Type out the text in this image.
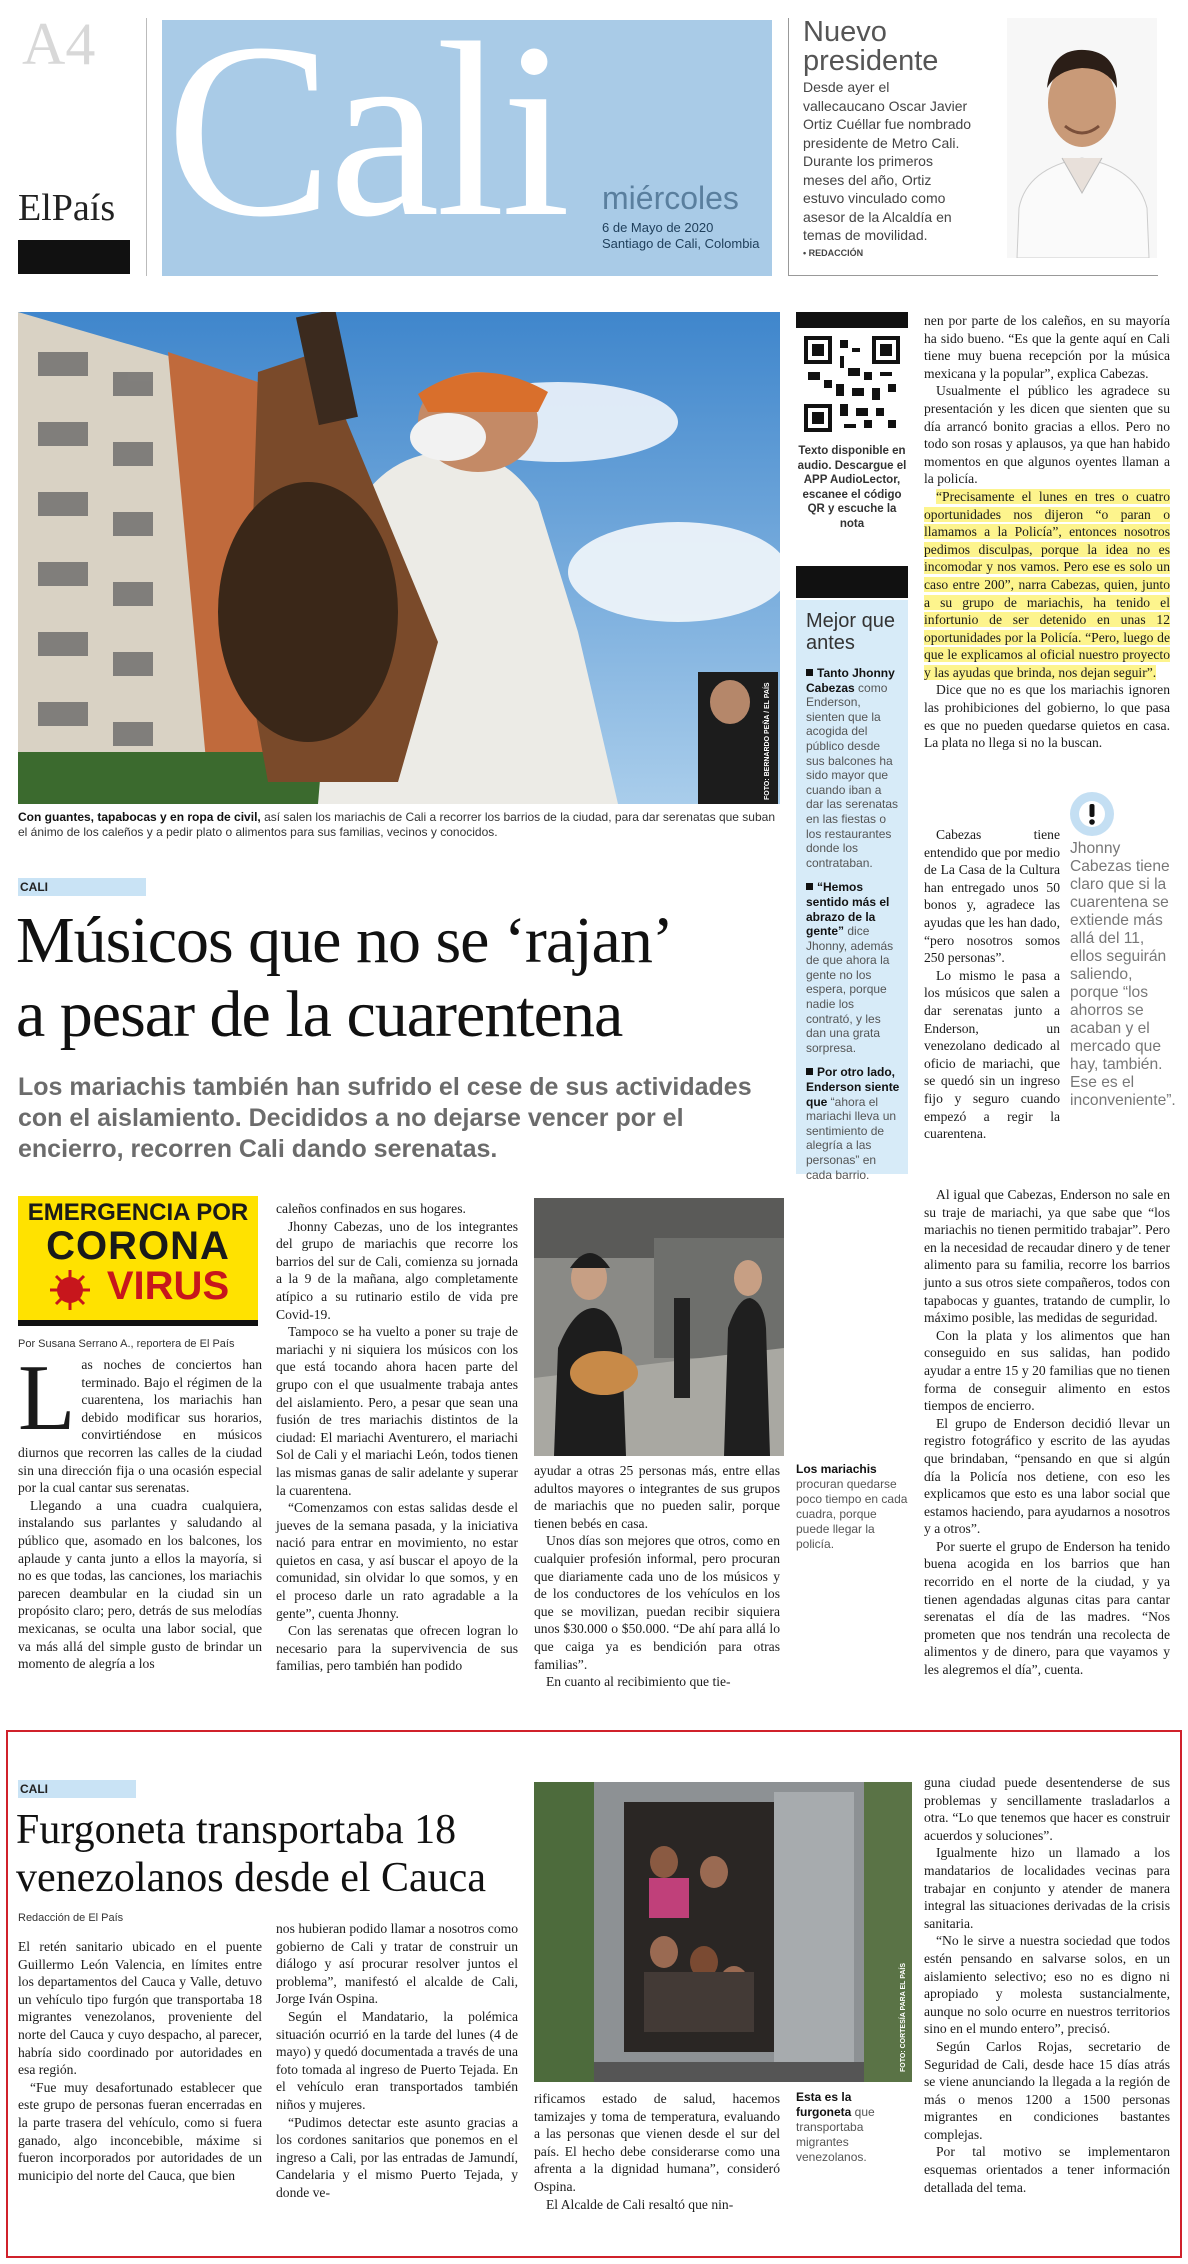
A4
ElPaís Cali miércoles
6 de Mayo de 2020
Santiago de Cali, Colombia
Nuevo
presidente
Desde ayer el vallecaucano Oscar Javier Ortiz Cuéllar fue nombrado presidente de Metro Cali. Durante los primeros meses del año, Ortiz estuvo vinculado como asesor de la Alcaldía en temas de movilidad.
• REDACCIÓN
FOTO: BERNARDO PEÑA / EL PAÍS
Con guantes, tapabocas y en ropa de civil, así salen los mariachis de Cali a recorrer los barrios de la ciudad, para dar serenatas que suban el ánimo de los caleños y a pedir plato o alimentos para sus familias, vecinos y conocidos.
CALI
Músicos que no se ‘rajan’
a pesar de la cuarentena
Los mariachis también han sufrido el cese de sus actividades con el aislamiento. Decididos a no dejarse vencer por el encierro, recorren Cali dando serenatas.
EMERGENCIA POR
CORONA
VIRUS
Por Susana Serrano A., reportera de El País
L as noches de conciertos han terminado. Bajo el régimen de la cuarentena, los mariachis han debido modificar sus horarios, convirtiéndose en músicos diurnos que recorren las calles de la ciudad sin una dirección fija o una ocasión especial por la cual cantar sus serenatas.

Llegando a una cuadra cualquiera, instalando sus parlantes y saludando al público que, asomado en los balcones, los aplaude y canta junto a ellos la mayoría, si no es que todas, las canciones, los mariachis parecen deambular en la ciudad sin un propósito claro; pero, detrás de sus melodías mexicanas, se oculta una labor social, que va más allá del simple gusto de brindar un momento de alegría a los

caleños confinados en sus hogares.

Jhonny Cabezas, uno de los integrantes del grupo de mariachis que recorre los barrios del sur de Cali, comienza su jornada a la 9 de la mañana, algo completamente atípico a su rutinario estilo de vida pre Covid-19.

Tampoco se ha vuelto a poner su traje de mariachi y ni siquiera los músicos con los que está tocando ahora hacen parte del grupo con el que usualmente trabaja antes del aislamiento. Pero, a pesar que sean una fusión de tres mariachis distintos de la ciudad: El mariachi Aventurero, el mariachi Sol de Cali y el mariachi León, todos tienen las mismas ganas de salir adelante y superar la cuarentena.

“Comenzamos con estas salidas desde el jueves de la semana pasada, y la iniciativa nació para entrar en movimiento, no estar quietos en casa, y así buscar el apoyo de la comunidad, sin olvidar lo que somos, y en el proceso darle un rato agradable a la gente”, cuenta Jhonny.

Con las serenatas que ofrecen logran lo necesario para la supervivencia de sus familias, pero también han podido

ayudar a otras 25 personas más, entre ellas adultos mayores o integrantes de sus grupos de mariachis que no pueden salir, porque tienen bebés en casa.

Unos días son mejores que otros, como en cualquier profesión informal, pero procuran que diariamente cada uno de los músicos y de los conductores de los vehículos en los que se movilizan, puedan recibir siquiera unos $30.000 o $50.000. “De ahí para allá lo que caiga ya es bendición para otras familias”.

En cuanto al recibimiento que tie-

Los mariachis procuran quedarse poco tiempo en cada cuadra, porque puede llegar la policía.
Texto disponible en audio. Descargue el APP AudioLector, escanee el código QR y escuche la nota
Mejor que antes
Tanto Jhonny Cabezas como Enderson, sienten que la acogida del público desde sus balcones ha sido mayor que cuando iban a dar las serenatas en las fiestas o los restaurantes donde los contrataban.
“Hemos sentido más el abrazo de la gente” dice Jhonny, además de que ahora la gente no los espera, porque nadie los contrató, y les dan una grata sorpresa.
Por otro lado, Enderson siente que “ahora el mariachi lleva un sentimiento de alegría a las personas” en cada barrio.

nen por parte de los caleños, en su mayoría ha sido bueno. “Es que la gente aquí en Cali tiene muy buena recepción por la música mexicana y la popular”, explica Cabezas.

Usualmente el público les agradece su presentación y les dicen que sienten que su día arrancó bonito gracias a ellos. Pero no todo son rosas y aplausos, ya que han habido momentos en que algunos oyentes llaman a la policía.

“Precisamente el lunes en tres o cuatro oportunidades nos dijeron “o paran o llamamos a la Policía”, entonces nosotros pedimos disculpas, porque la idea no es incomodar y nos vamos. Pero ese es solo un caso entre 200”, narra Cabezas, quien, junto a su grupo de mariachis, ha tenido el infortunio de ser detenido en unas 12 oportunidades por la Policía. “Pero, luego de que le explicamos al oficial nuestro proyecto y las ayudas que brinda, nos dejan seguir”.

Dice que no es que los mariachis ignoren las prohibiciones del gobierno, lo que pasa es que no pueden quedarse quietos en casa. La plata no llega si no la buscan.

Cabezas tiene entendido que por medio de La Casa de la Cultura han entregado unos 50 bonos y, agradece las ayudas que les han dado, “pero nosotros somos 250 personas”.

Lo mismo le pasa a los músicos que salen a dar serenatas junto a Enderson, un venezolano dedicado al oficio de mariachi, que se quedó sin un ingreso fijo y seguro cuando empezó a regir la cuarentena.

Jhonny Cabezas tiene claro que si la cuarentena se extiende más allá del 11, ellos seguirán saliendo, porque “los ahorros se acaban y el mercado que hay, también. Ese es el inconveniente”.

Al igual que Cabezas, Enderson no sale en su traje de mariachi, ya que sabe que “los mariachis no tienen permitido trabajar”. Pero en la necesidad de recaudar dinero y de tener alimento para su familia, recorre los barrios junto a sus otros siete compañeros, todos con tapabocas y guantes, tratando de cumplir, lo máximo posible, las medidas de seguridad.

Con la plata y los alimentos que han conseguido en sus salidas, han podido ayudar a entre 15 y 20 familias que no tienen forma de conseguir alimento en estos tiempos de encierro.

El grupo de Enderson decidió llevar un registro fotográfico y escrito de las ayudas que brindaban, “pensando en que si algún día la Policía nos detiene, con eso les explicamos que esto es una labor social que estamos haciendo, para ayudarnos a nosotros y a otros”.

Por suerte el grupo de Enderson ha tenido buena acogida en los barrios que han recorrido en el norte de la ciudad, y ya tienen agendadas algunas citas para cantar serenatas el día de las madres. “Nos prometen que nos tendrán una recolecta de alimentos y de dinero, para que vayamos y les alegremos el día”, cuenta.

CALI
Furgoneta transportaba 18
venezolanos desde el Cauca
Redacción de El País

El retén sanitario ubicado en el puente Guillermo León Valencia, en límites entre los departamentos del Cauca y Valle, detuvo un vehículo tipo furgón que transportaba 18 migrantes venezolanos, proveniente del norte del Cauca y cuyo despacho, al parecer, habría sido coordinado por autoridades en esa región.

“Fue muy desafortunado establecer que este grupo de personas fueran encerradas en la parte trasera del vehículo, como si fuera ganado, algo inconcebible, máxime si fueron incorporados por autoridades de un municipio del norte del Cauca, que bien

nos hubieran podido llamar a nosotros como gobierno de Cali y tratar de construir un diálogo y así procurar resolver juntos el problema”, manifestó el alcalde de Cali, Jorge Iván Ospina.

Según el Mandatario, la polémica situación ocurrió en la tarde del lunes (4 de mayo) y quedó documentada a través de una foto tomada al ingreso de Puerto Tejada. En el vehículo eran transportados también niños y mujeres.

“Pudimos detectar este asunto gracias a los cordones sanitarios que ponemos en el ingreso a Cali, por las entradas de Jamundí, Candelaria y el mismo Puerto Tejada, y donde ve-

FOTO: CORTESÍA PARA EL PAÍS

rificamos estado de salud, hacemos tamizajes y toma de temperatura, evaluando a las personas que vienen desde el sur del país. El hecho debe considerarse como una afrenta a la dignidad humana”, consideró Ospina.

El Alcalde de Cali resaltó que nin-

Esta es la furgoneta que transportaba migrantes venezolanos.

guna ciudad puede desentenderse de sus problemas y sencillamente trasladarlos a otra. “Lo que tenemos que hacer es construir acuerdos y soluciones”.

Igualmente hizo un llamado a los mandatarios de localidades vecinas para trabajar en conjunto y atender de manera integral las situaciones derivadas de la crisis sanitaria.

“No le sirve a nuestra sociedad que todos estén pensando en salvarse solos, en un aislamiento selectivo; eso no es digno ni apropiado y molesta sustancialmente, aunque no solo ocurre en nuestros territorios sino en el mundo entero”, precisó.

Según Carlos Rojas, secretario de Seguridad de Cali, desde hace 15 días atrás se viene anunciando la llegada a la región de más o menos 1200 a 1500 personas migrantes en condiciones bastantes complejas.

Por tal motivo se implementaron esquemas orientados a tener información detallada del tema.
